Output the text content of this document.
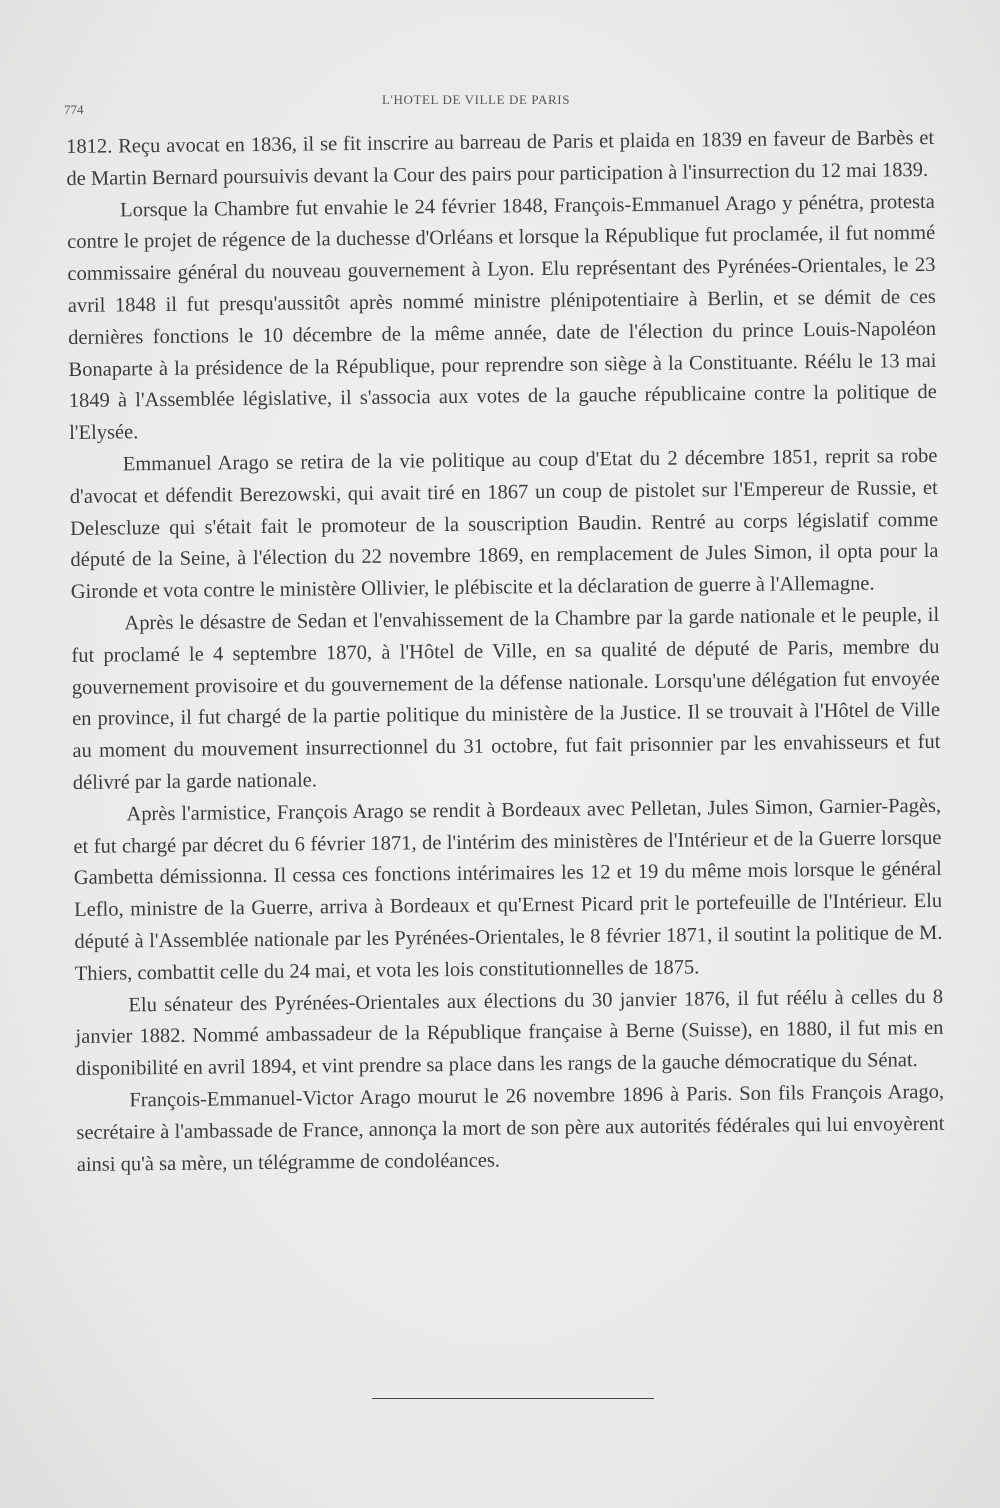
774
L'HOTEL DE VILLE DE PARIS

1812. Reçu avocat en 1836, il se fit inscrire au barreau de Paris et plaida en 1839 en faveur de Barbès et de Martin Bernard poursuivis devant la Cour des pairs pour participation à l'insurrection du 12 mai 1839.

Lorsque la Chambre fut envahie le 24 février 1848, François-Emmanuel Arago y pénétra, protesta contre le projet de régence de la duchesse d'Orléans et lorsque la République fut proclamée, il fut nommé commissaire général du nouveau gouvernement à Lyon. Elu représentant des Pyrénées-Orientales, le 23 avril 1848 il fut presqu'aussitôt après nommé ministre plénipotentiaire à Berlin, et se démit de ces dernières fonctions le 10 décembre de la même année, date de l'élection du prince Louis-Napoléon Bonaparte à la présidence de la République, pour reprendre son siège à la Constituante. Réélu le 13 mai 1849 à l'Assemblée législative, il s'associa aux votes de la gauche républicaine contre la politique de l'Elysée.

Emmanuel Arago se retira de la vie politique au coup d'Etat du 2 décembre 1851, reprit sa robe d'avocat et défendit Berezowski, qui avait tiré en 1867 un coup de pistolet sur l'Empereur de Russie, et Delescluze qui s'était fait le promoteur de la souscription Baudin. Rentré au corps législatif comme député de la Seine, à l'élection du 22 novembre 1869, en remplacement de Jules Simon, il opta pour la Gironde et vota contre le ministère Ollivier, le plébiscite et la déclaration de guerre à l'Allemagne.

Après le désastre de Sedan et l'envahissement de la Chambre par la garde nationale et le peuple, il fut proclamé le 4 septembre 1870, à l'Hôtel de Ville, en sa qualité de député de Paris, membre du gouvernement provisoire et du gouvernement de la défense nationale. Lorsqu'une délégation fut envoyée en province, il fut chargé de la partie politique du ministère de la Justice. Il se trouvait à l'Hôtel de Ville au moment du mouvement insurrectionnel du 31 octobre, fut fait prisonnier par les envahisseurs et fut délivré par la garde nationale.

Après l'armistice, François Arago se rendit à Bordeaux avec Pelletan, Jules Simon, Garnier-Pagès, et fut chargé par décret du 6 février 1871, de l'intérim des ministères de l'Intérieur et de la Guerre lorsque Gambetta démissionna. Il cessa ces fonctions intérimaires les 12 et 19 du même mois lorsque le général Leflo, ministre de la Guerre, arriva à Bordeaux et qu'Ernest Picard prit le portefeuille de l'Intérieur. Elu député à l'Assemblée nationale par les Pyrénées-Orientales, le 8 février 1871, il soutint la politique de M. Thiers, combattit celle du 24 mai, et vota les lois constitutionnelles de 1875.

Elu sénateur des Pyrénées-Orientales aux élections du 30 janvier 1876, il fut réélu à celles du 8 janvier 1882. Nommé ambassadeur de la République française à Berne (Suisse), en 1880, il fut mis en disponibilité en avril 1894, et vint prendre sa place dans les rangs de la gauche démocratique du Sénat.

François-Emmanuel-Victor Arago mourut le 26 novembre 1896 à Paris. Son fils François Arago, secrétaire à l'ambassade de France, annonça la mort de son père aux autorités fédérales qui lui envoyèrent ainsi qu'à sa mère, un télégramme de condoléances.
